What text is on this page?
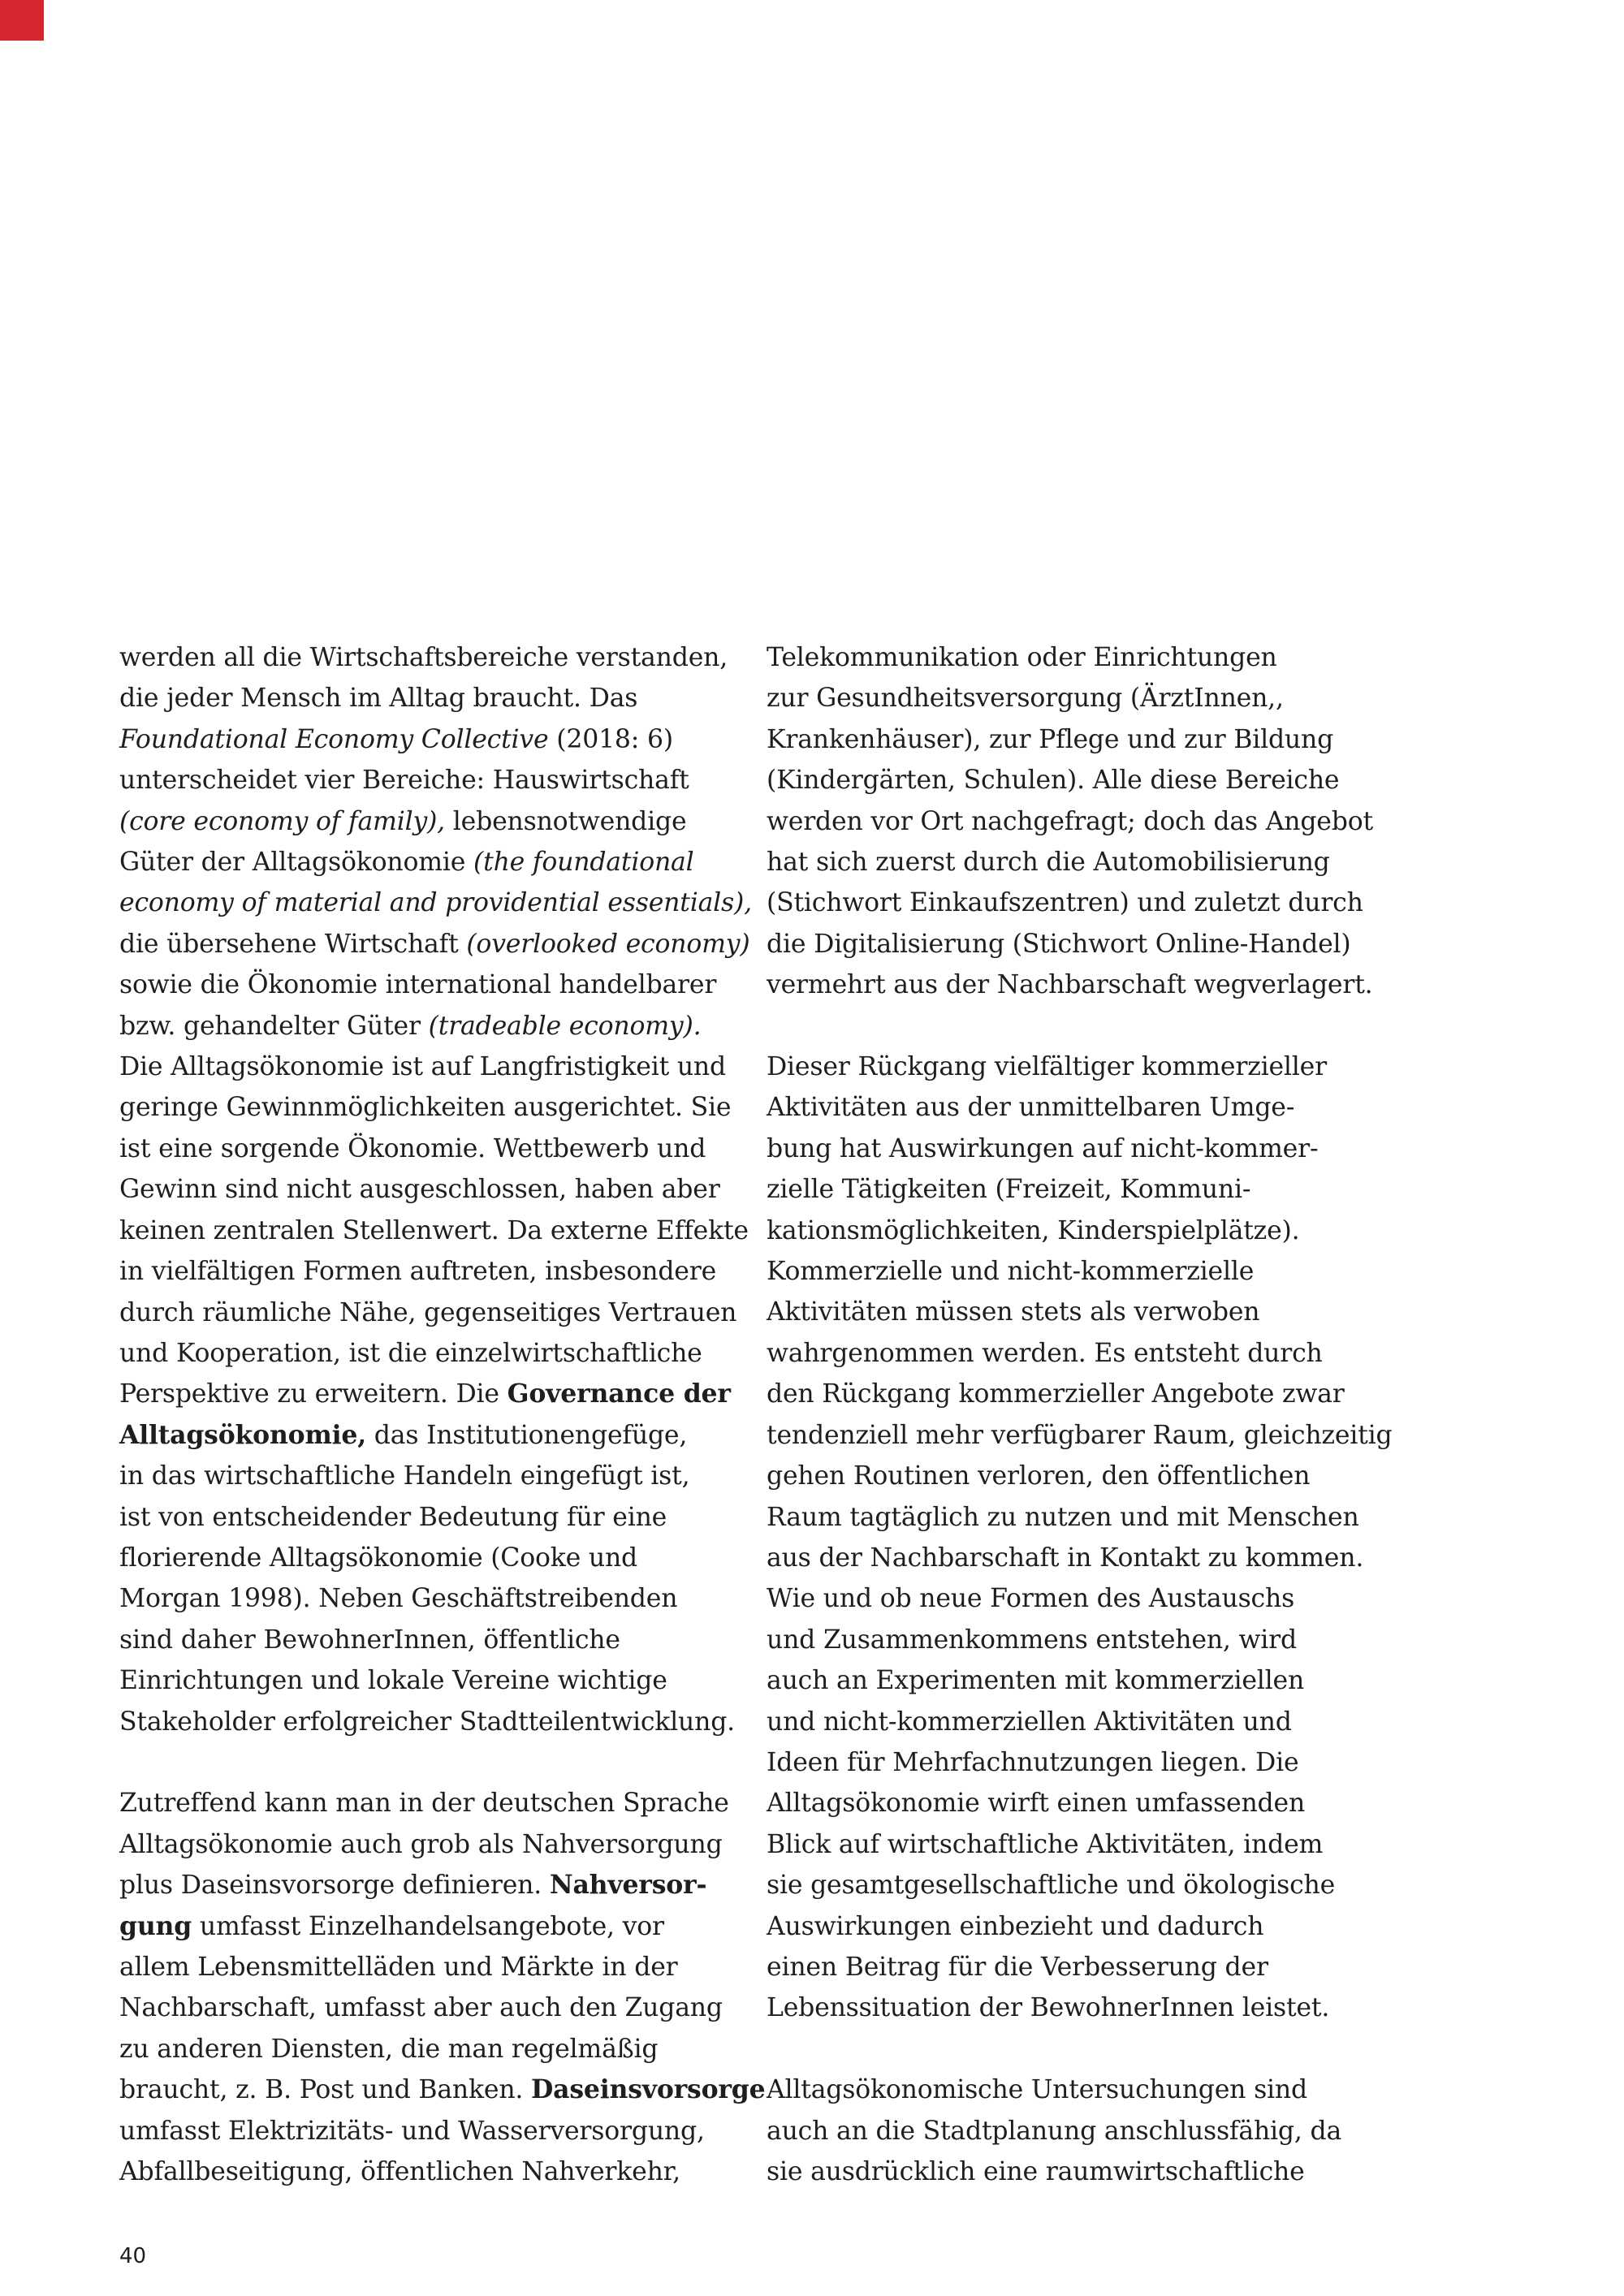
werden all die Wirtschaftsbereiche verstanden,
die jeder Mensch im Alltag braucht. Das
Foundational Economy Collective (2018: 6)
unterscheidet vier Bereiche: Hauswirtschaft
(core economy of family), lebensnotwendige
Güter der Alltagsökonomie (the foundational
economy of material and providential essentials),
die übersehene Wirtschaft (overlooked economy)
sowie die Ökonomie international handelbarer
bzw. gehandelter Güter (tradeable economy).
Die Alltagsökonomie ist auf Langfristigkeit und
geringe Gewinnmöglichkeiten ausgerichtet. Sie
ist eine sorgende Ökonomie. Wettbewerb und
Gewinn sind nicht ausgeschlossen, haben aber
keinen zentralen Stellenwert. Da externe Effekte
in vielfältigen Formen auftreten, insbesondere
durch räumliche Nähe, gegenseitiges Vertrauen
und Kooperation, ist die einzelwirtschaftliche
Perspektive zu erweitern. Die Governance der
Alltagsökonomie, das Institutionengefüge,
in das wirtschaftliche Handeln eingefügt ist,
ist von entscheidender Bedeutung für eine
florierende Alltagsökonomie (Cooke und
Morgan 1998). Neben Geschäftstreibenden
sind daher BewohnerInnen, öffentliche
Einrichtungen und lokale Vereine wichtige
Stakeholder erfolgreicher Stadtteilentwicklung.

Zutreffend kann man in der deutschen Sprache
Alltagsökonomie auch grob als Nahversorgung
plus Daseinsvorsorge definieren. Nahversor-
gung umfasst Einzelhandelsangebote, vor
allem Lebensmittelläden und Märkte in der
Nachbarschaft, umfasst aber auch den Zugang
zu anderen Diensten, die man regelmäßig
braucht, z. B. Post und Banken. Daseinsvorsorge
umfasst Elektrizitäts- und Wasserversorgung,
Abfallbeseitigung, öffentlichen Nahverkehr,

Telekommunikation oder Einrichtungen
zur Gesundheitsversorgung (ÄrztInnen,,
Krankenhäuser), zur Pflege und zur Bildung
(Kindergärten, Schulen). Alle diese Bereiche
werden vor Ort nachgefragt; doch das Angebot
hat sich zuerst durch die Automobilisierung
(Stichwort Einkaufszentren) und zuletzt durch
die Digitalisierung (Stichwort Online-Handel)
vermehrt aus der Nachbarschaft wegverlagert.

Dieser Rückgang vielfältiger kommerzieller
Aktivitäten aus der unmittelbaren Umge-
bung hat Auswirkungen auf nicht-kommer-
zielle Tätigkeiten (Freizeit, Kommuni-
kationsmöglichkeiten, Kinderspielplätze).
Kommerzielle und nicht-kommerzielle
Aktivitäten müssen stets als verwoben
wahrgenommen werden. Es entsteht durch
den Rückgang kommerzieller Angebote zwar
tendenziell mehr verfügbarer Raum, gleichzeitig
gehen Routinen verloren, den öffentlichen
Raum tagtäglich zu nutzen und mit Menschen
aus der Nachbarschaft in Kontakt zu kommen.
Wie und ob neue Formen des Austauschs
und Zusammenkommens entstehen, wird
auch an Experimenten mit kommerziellen
und nicht-kommerziellen Aktivitäten und
Ideen für Mehrfachnutzungen liegen. Die
Alltagsökonomie wirft einen umfassenden
Blick auf wirtschaftliche Aktivitäten, indem
sie gesamtgesellschaftliche und ökologische
Auswirkungen einbezieht und dadurch
einen Beitrag für die Verbesserung der
Lebenssituation der BewohnerInnen leistet.

Alltagsökonomische Untersuchungen sind
auch an die Stadtplanung anschlussfähig, da
sie ausdrücklich eine raumwirtschaftliche

40
